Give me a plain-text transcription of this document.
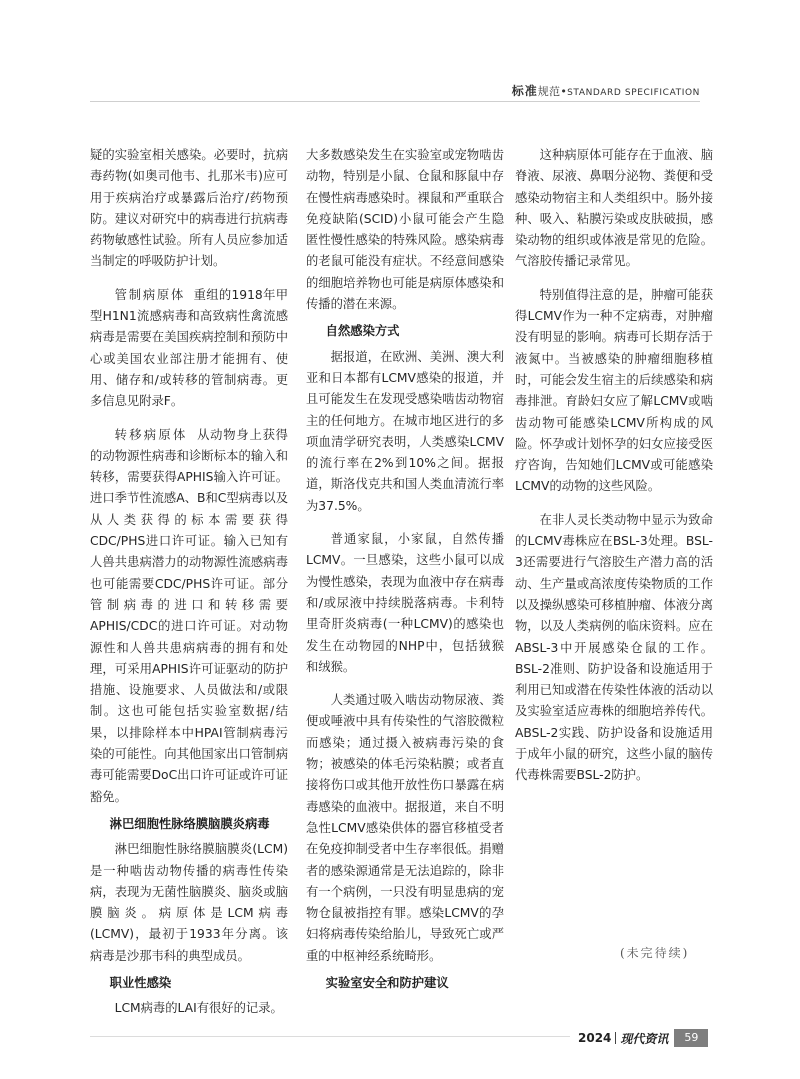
标准规范•STANDARD SPECIFICATION

疑的实验室相关感染。必要时，抗病毒药物(如奥司他韦、扎那米韦)应可用于疾病治疗或暴露后治疗/药物预防。建议对研究中的病毒进行抗病毒药物敏感性试验。所有人员应参加适当制定的呼吸防护计划。

管制病原体 重组的1918年甲型H1N1流感病毒和高致病性禽流感病毒是需要在美国疾病控制和预防中心或美国农业部注册才能拥有、使用、储存和/或转移的管制病毒。更多信息见附录F。

转移病原体 从动物身上获得的动物源性病毒和诊断标本的输入和转移，需要获得APHIS输入许可证。进口季节性流感A、B和C型病毒以及从人类获得的标本需要获得CDC/PHS进口许可证。输入已知有人兽共患病潜力的动物源性流感病毒也可能需要CDC/PHS许可证。部分管制病毒的进口和转移需要APHIS/CDC的进口许可证。对动物源性和人兽共患病病毒的拥有和处理，可采用APHIS许可证驱动的防护措施、设施要求、人员做法和/或限制。这也可能包括实验室数据/结果，以排除样本中HPAI管制病毒污染的可能性。向其他国家出口管制病毒可能需要DoC出口许可证或许可证豁免。

淋巴细胞性脉络膜脑膜炎病毒

淋巴细胞性脉络膜脑膜炎(LCM)是一种啮齿动物传播的病毒性传染病，表现为无菌性脑膜炎、脑炎或脑膜脑炎。病原体是LCM病毒(LCMV)，最初于1933年分离。该病毒是沙那韦科的典型成员。

职业性感染

LCM病毒的LAI有很好的记录。

大多数感染发生在实验室或宠物啮齿动物，特别是小鼠、仓鼠和豚鼠中存在慢性病毒感染时。裸鼠和严重联合免疫缺陷(SCID)小鼠可能会产生隐匿性慢性感染的特殊风险。感染病毒的老鼠可能没有症状。不经意间感染的细胞培养物也可能是病原体感染和传播的潜在来源。

自然感染方式

据报道，在欧洲、美洲、澳大利亚和日本都有LCMV感染的报道，并且可能发生在发现受感染啮齿动物宿主的任何地方。在城市地区进行的多项血清学研究表明，人类感染LCMV的流行率在2%到10%之间。据报道，斯洛伐克共和国人类血清流行率为37.5%。

普通家鼠，小家鼠，自然传播LCMV。一旦感染，这些小鼠可以成为慢性感染，表现为血液中存在病毒和/或尿液中持续脱落病毒。卡利特里奇肝炎病毒(一种LCMV)的感染也发生在动物园的NHP中，包括狨猴和绒猴。

人类通过吸入啮齿动物尿液、粪便或唾液中具有传染性的气溶胶微粒而感染；通过摄入被病毒污染的食物；被感染的体毛污染粘膜；或者直接将伤口或其他开放性伤口暴露在病毒感染的血液中。据报道，来自不明急性LCMV感染供体的器官移植受者在免疫抑制受者中生存率很低。捐赠者的感染源通常是无法追踪的，除非有一个病例，一只没有明显患病的宠物仓鼠被指控有罪。感染LCMV的孕妇将病毒传染给胎儿，导致死亡或严重的中枢神经系统畸形。

实验室安全和防护建议

这种病原体可能存在于血液、脑脊液、尿液、鼻咽分泌物、粪便和受感染动物宿主和人类组织中。肠外接种、吸入、粘膜污染或皮肤破损，感染动物的组织或体液是常见的危险。气溶胶传播记录常见。

特别值得注意的是，肿瘤可能获得LCMV作为一种不定病毒，对肿瘤没有明显的影响。病毒可长期存活于液氮中。当被感染的肿瘤细胞移植时，可能会发生宿主的后续感染和病毒排泄。育龄妇女应了解LCMV或啮齿动物可能感染LCMV所构成的风险。怀孕或计划怀孕的妇女应接受医疗咨询，告知她们LCMV或可能感染LCMV的动物的这些风险。

在非人灵长类动物中显示为致命的LCMV毒株应在BSL-3处理。BSL-3还需要进行气溶胶生产潜力高的活动、生产量或高浓度传染物质的工作以及操纵感染可移植肿瘤、体液分离物，以及人类病例的临床资料。应在ABSL-3中开展感染仓鼠的工作。BSL-2准则、防护设备和设施适用于利用已知或潜在传染性体液的活动以及实验室适应毒株的细胞培养传代。ABSL-2实践、防护设备和设施适用于成年小鼠的研究，这些小鼠的脑传代毒株需要BSL-2防护。

(未完待续)
2024 现代资讯	59
